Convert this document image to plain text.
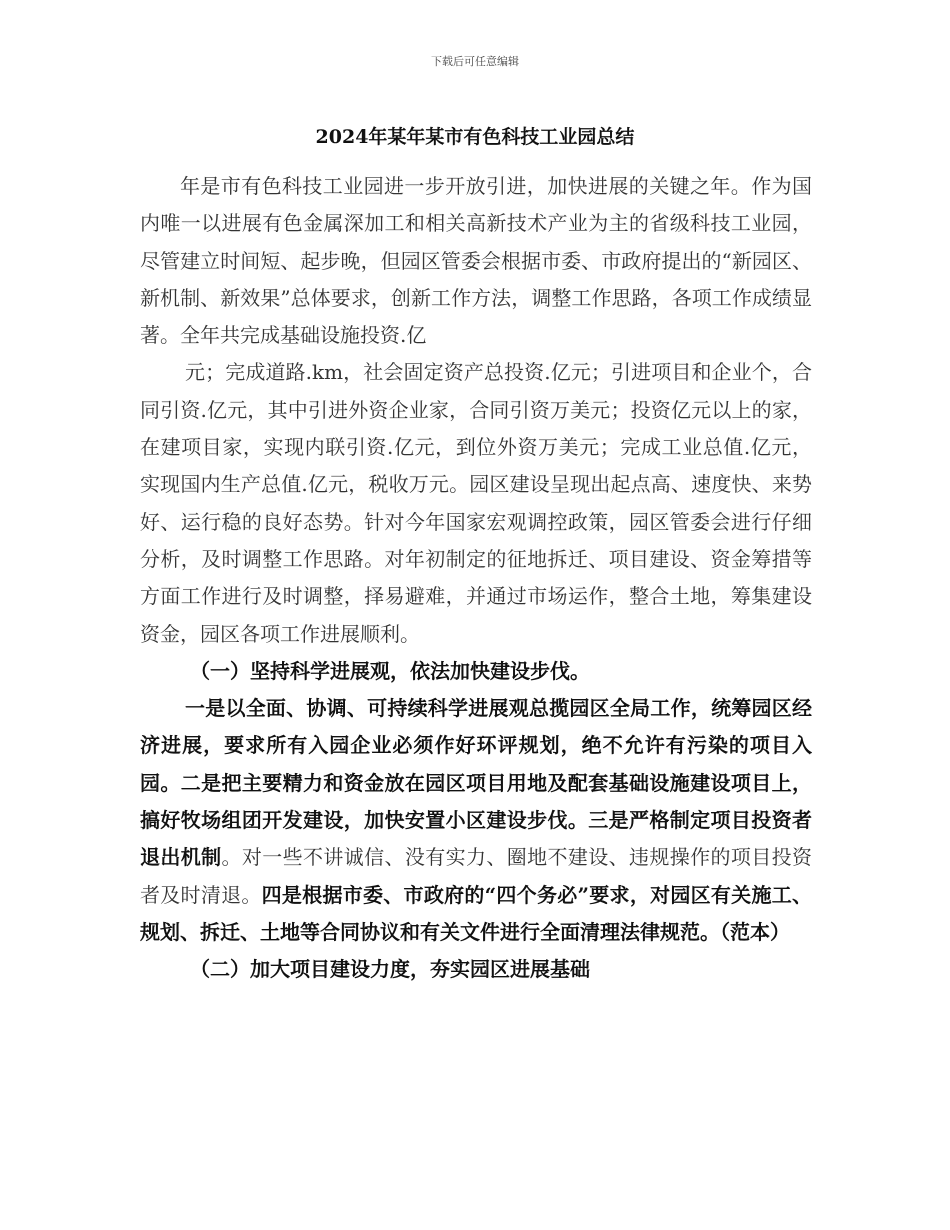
下载后可任意编辑
2024年某年某市有色科技工业园总结

年是市有色科技工业园进一步开放引进，加快进展的关键之年。作为国内唯一以进展有色金属深加工和相关高新技术产业为主的省级科技工业园，尽管建立时间短、起步晚，但园区管委会根据市委、市政府提出的“新园区、新机制、新效果”总体要求，创新工作方法，调整工作思路，各项工作成绩显著。全年共完成基础设施投资.亿

元；完成道路.km，社会固定资产总投资.亿元；引进项目和企业个，合同引资.亿元，其中引进外资企业家，合同引资万美元；投资亿元以上的家，在建项目家，实现内联引资.亿元，到位外资万美元；完成工业总值.亿元，实现国内生产总值.亿元，税收万元。园区建设呈现出起点高、速度快、来势好、运行稳的良好态势。针对今年国家宏观调控政策，园区管委会进行仔细分析，及时调整工作思路。对年初制定的征地拆迁、项目建设、资金筹措等方面工作进行及时调整，择易避难，并通过市场运作，整合土地，筹集建设资金，园区各项工作进展顺利。

（一）坚持科学进展观，依法加快建设步伐。

一是以全面、协调、可持续科学进展观总揽园区全局工作，统筹园区经济进展，要求所有入园企业必须作好环评规划，绝不允许有污染的项目入园。二是把主要精力和资金放在园区项目用地及配套基础设施建设项目上，搞好牧场组团开发建设，加快安置小区建设步伐。三是严格制定项目投资者退出机制。对一些不讲诚信、没有实力、圈地不建设、违规操作的项目投资者及时清退。四是根据市委、市政府的“四个务必”要求，对园区有关施工、规划、拆迁、土地等合同协议和有关文件进行全面清理法律规范。（范本）

（二）加大项目建设力度，夯实园区进展基础
